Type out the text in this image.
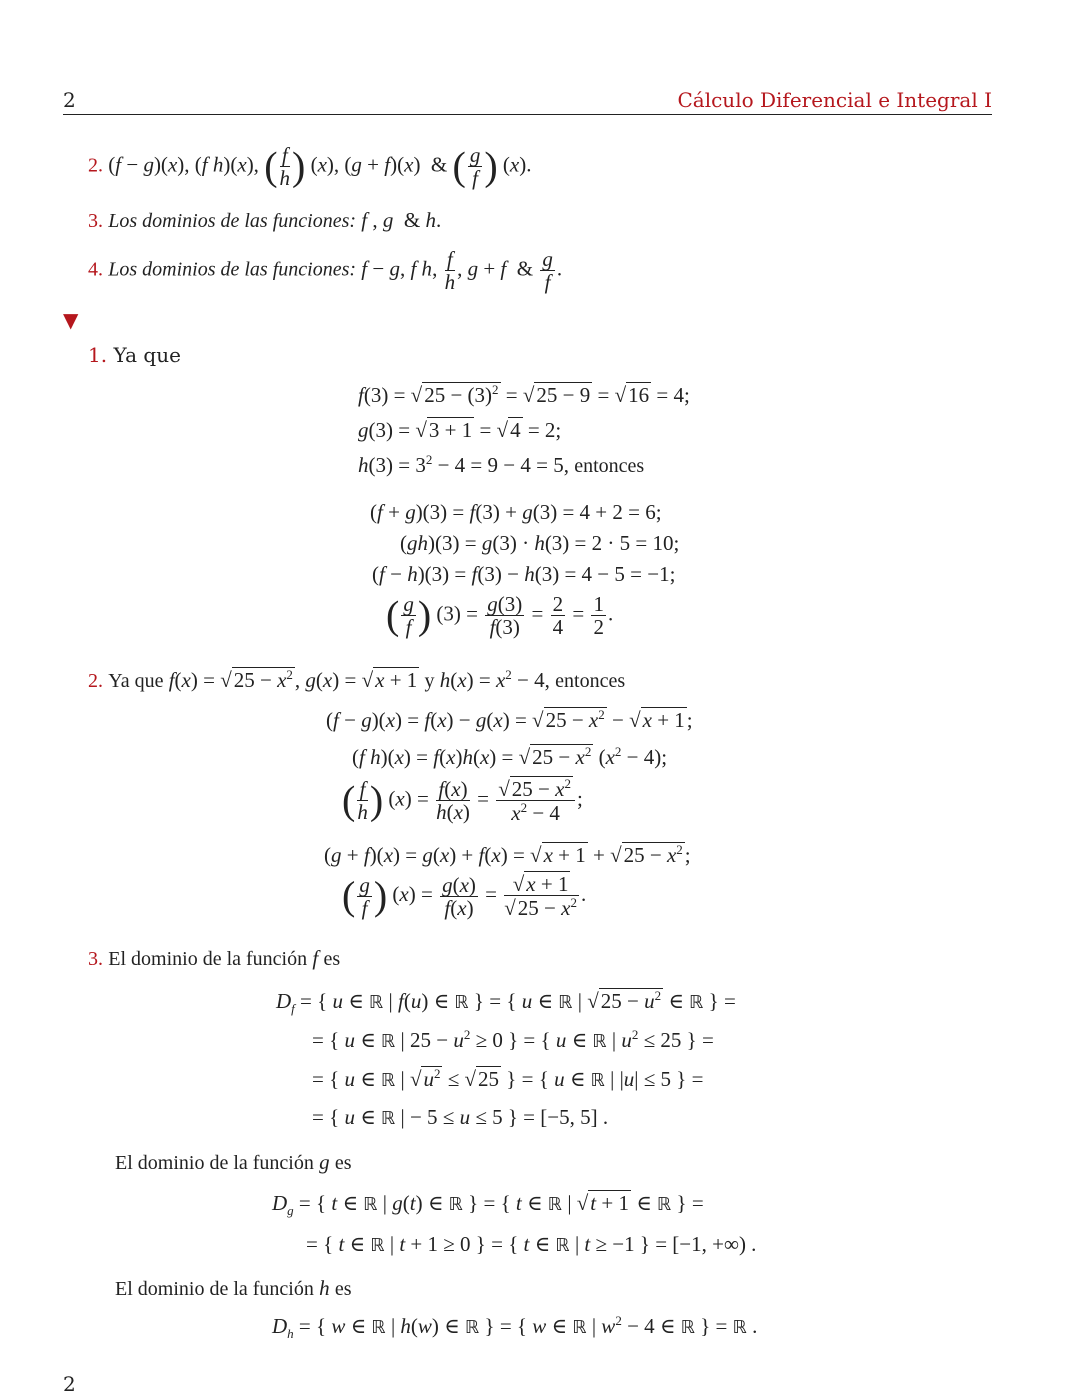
2	Cálculo Diferencial e Integral I
2. (f − g)(x), (f h)(x), ( $\frac{f}{h}$ ) (x), (g + f)(x)  & ( $\frac{g}{f}$ ) (x).
3. Los dominios de las funciones: f , g  & h.
4. Los dominios de las funciones: f − g, f h, $\frac{f}{h}$ , g + f  & $\frac{g}{f}$ .
▼
1. Ya que
$f(3) = √25 - (3)^2 = √25 - 9 = √16 = 4$;
g(3) = √3 + 1 = √4 = 2;
$h(3) = 3^2 - 4 = 9 - 4 = 5$, entonces
(f + g)(3) = f(3) + g(3) = 4 + 2 = 6;
(gh)(3) = g(3) · h(3) = 2 · 5 = 10;
(f − h)(3) = f(3) − h(3) = 4 − 5 = −1;
( $\frac{g}{f}$ ) $(3) = \frac{g(3)}{f(3)} = \frac{2}{4} = \frac{1}{2}$ .
2. Ya que $f(x) = √25 - x^2$, g(x) = √x + 1 y $h(x) = x^2 - 4$, entonces
$(f - g)(x) = f(x) - g(x) = √25 - x^2 - √x + 1$;
(f $h)(x) = f(x)h(x) = √25 - x^2$ $(x^2 - 4)$;
( $\frac{f}{h}$ ) $(x) = \frac{f(x)}{h(x)} = \frac{√25 - x^2}{x^2 - 4}$ ;
$(g + f)(x) = g(x) + f(x) = √x + 1 + √25 - x^2$;
( $\frac{g}{f}$ ) $(x) = \frac{g(x)}{f(x)} = \frac{√x + 1}{√25 - x^2}$ .
3. El dominio de la función f es
$D_f$ = { u ∈ ℝ | f(u) ∈ ℝ } = { u ∈ ℝ | $√25 - u^2$ ∈ ℝ } =
= { u ∈ ℝ | $25 - u^2 \ge 0$ } = { u ∈ ℝ | $u^2 \le 25$ } =
= { u ∈ ℝ | $√u^2 \le √25$ } = { u ∈ ℝ | |u| ≤ 5 } =
= { u ∈ ℝ | − 5 ≤ u ≤ 5 } = [−5, 5] .
El dominio de la función g es
$D_g$ = { t ∈ ℝ | g(t) ∈ ℝ } = { t ∈ ℝ | √t + 1 ∈ ℝ } =
= { t ∈ ℝ | t + 1 ≥ 0 } = { t ∈ ℝ | t ≥ −1 } = [−1, +∞) .
El dominio de la función h es
$D_h$ = { w ∈ ℝ | h(w) ∈ ℝ } = { w ∈ ℝ | $w^2 - 4$ ∈ ℝ } = ℝ .
2
